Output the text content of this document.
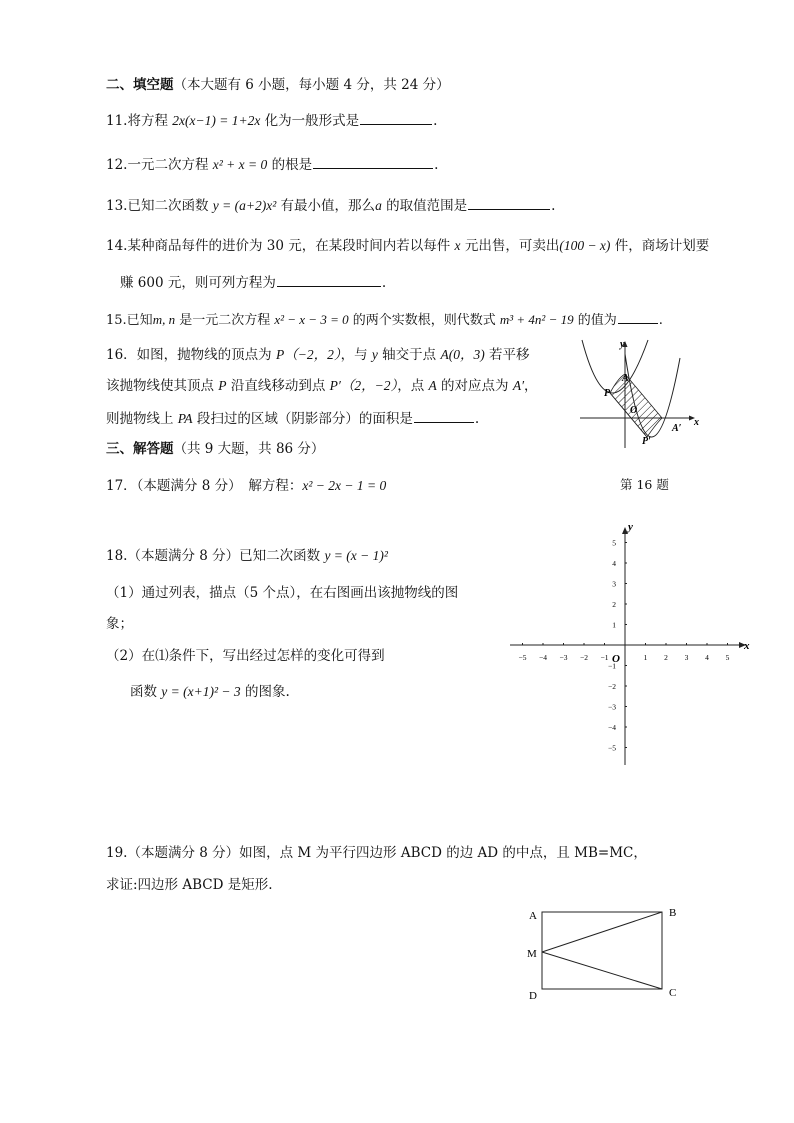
二、填空题（本大题有 6 小题，每小题 4 分，共 24 分）
11.将方程 2x(x−1) = 1+2x 化为一般形式是	.
12.一元二次方程 x² + x = 0 的根是	.
13.已知二次函数 y = (a+2)x² 有最小值，那么a 的取值范围是	.
14.某种商品每件的进价为 30 元，在某段时间内若以每件 x 元出售，可卖出(100 − x) 件，商场计划要
赚 600 元，则可列方程为	.
15.已知m, n 是一元二次方程 x² − x − 3 = 0 的两个实数根，则代数式 m³ + 4n² − 19 的值为	.
16．如图，抛物线的顶点为 P（−2，2），与 y 轴交于点 A(0，3) 若平移
该抛物线使其顶点 P 沿直线移动到点 P′（2，−2），点 A 的对应点为 A′，
则抛物线上 PA 段扫过的区域（阴影部分）的面积是	.
y
x
A
P
O
P′
A′
第 16 题
三、解答题（共 9 大题，共 86 分）
17．（本题满分 8 分）　解方程：x² − 2x − 1 = 0
18.（本题满分 8 分）已知二次函数 y = (x − 1)²
（1）通过列表，描点（5 个点），在右图画出该抛物线的图
象；
（2）在⑴条件下，写出经过怎样的变化可得到
函数 y = (x+1)² − 3 的图象.
x
y
O
−5 −4 −3 −2 −1	1 2 3 4 5
5
4
3
2
1
−1
−2
−3
−4
−5
19.（本题满分 8 分）如图，点 M 为平行四边形 ABCD 的边 AD 的中点，且 MB=MC，
求证:四边形 ABCD 是矩形.
A	B
M
D	C
